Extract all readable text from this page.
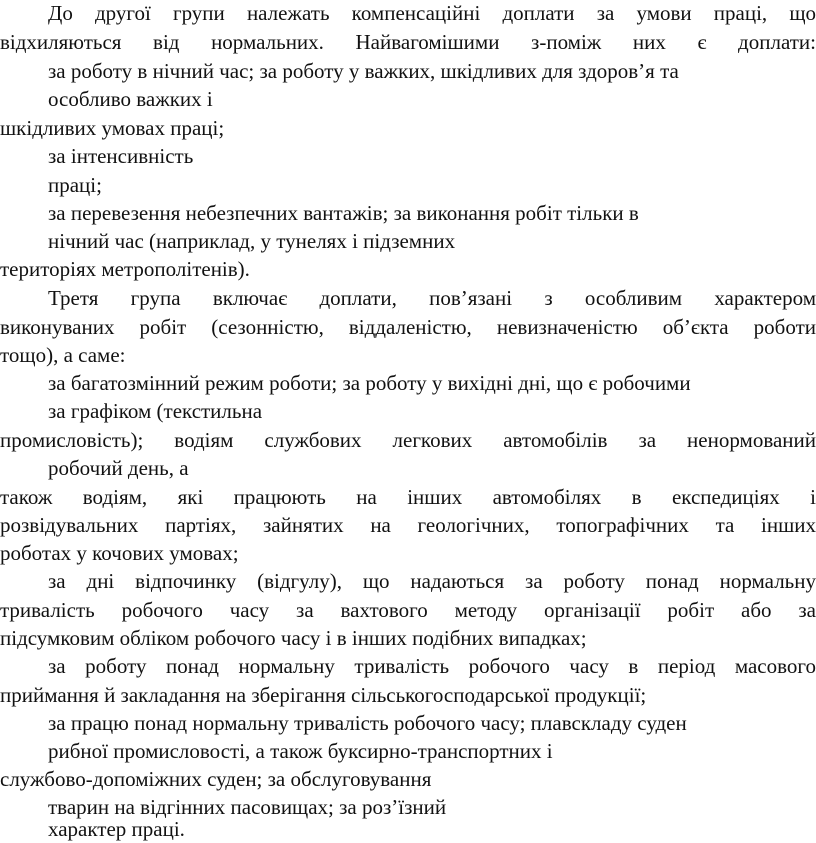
До другої групи належать компенсаційні доплати за умови праці, що
відхиляються від нормальних. Найвагомішими з-поміж них є доплати:
за роботу в нічний час; за роботу у важких, шкідливих для здоров’я та
особливо важких і
шкідливих умовах праці;
за інтенсивність
праці;
за перевезення небезпечних вантажів; за виконання робіт тільки в
нічний час (наприклад, у тунелях і підземних
територіях метрополітенів).
Третя група включає доплати, пов’язані з особливим характером
виконуваних робіт (сезонністю, віддаленістю, невизначеністю об’єкта роботи
тощо), а саме:
за багатозмінний режим роботи; за роботу у вихідні дні, що є робочими
за графіком (текстильна
промисловість); водіям службових легкових автомобілів за ненормований
робочий день, а
також водіям, які працюють на інших автомобілях в експедиціях і
розвідувальних партіях, зайнятих на геологічних, топографічних та інших
роботах у кочових умовах;
за дні відпочинку (відгулу), що надаються за роботу понад нормальну
тривалість робочого часу за вахтового методу організації робіт або за
підсумковим обліком робочого часу і в інших подібних випадках;
за роботу понад нормальну тривалість робочого часу в період масового
приймання й закладання на зберігання сільськогосподарської продукції;
за працю понад нормальну тривалість робочого часу; плавскладу суден
рибної промисловості, а також буксирно-транспортних і
службово-допоміжних суден; за обслуговування
тварин на відгінних пасовищах; за роз’їзний
характер праці.
